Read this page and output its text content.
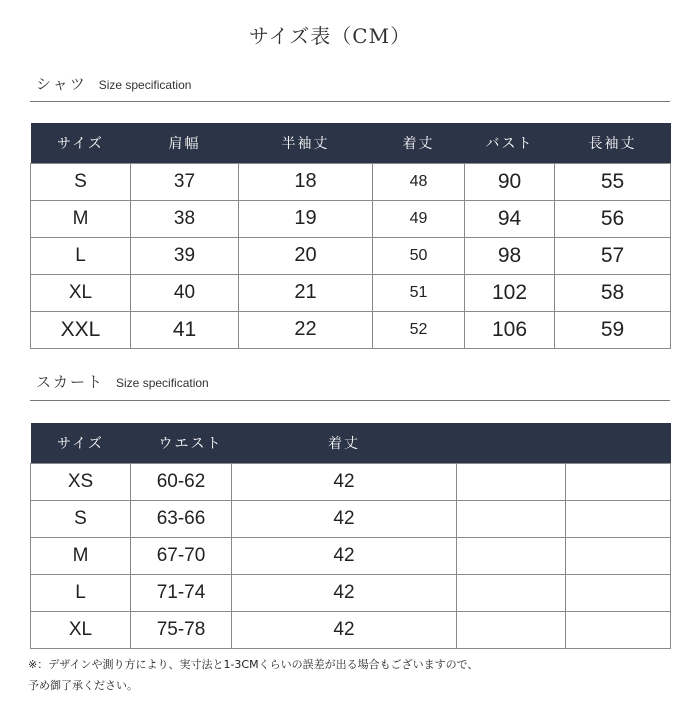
サイズ表（CM）
シャツ Size specification
サイズ	肩幅	半袖丈	着丈	バスト	長袖丈
S	37	18	48	90	55
M	38	19	49	94	56
L	39	20	50	98	57
XL	40	21	51	102	58
XXL	41	22	52	106	59
スカート Size specification
サイズ	ウエスト	着丈		
XS	60-62	42		
S	63-66	42		
M	67-70	42		
L	71-74	42		
XL	75-78	42		
※：デザインや測り方により、実寸法と1-3CMくらいの誤差が出る場合もございますので、
予め御了承ください。
